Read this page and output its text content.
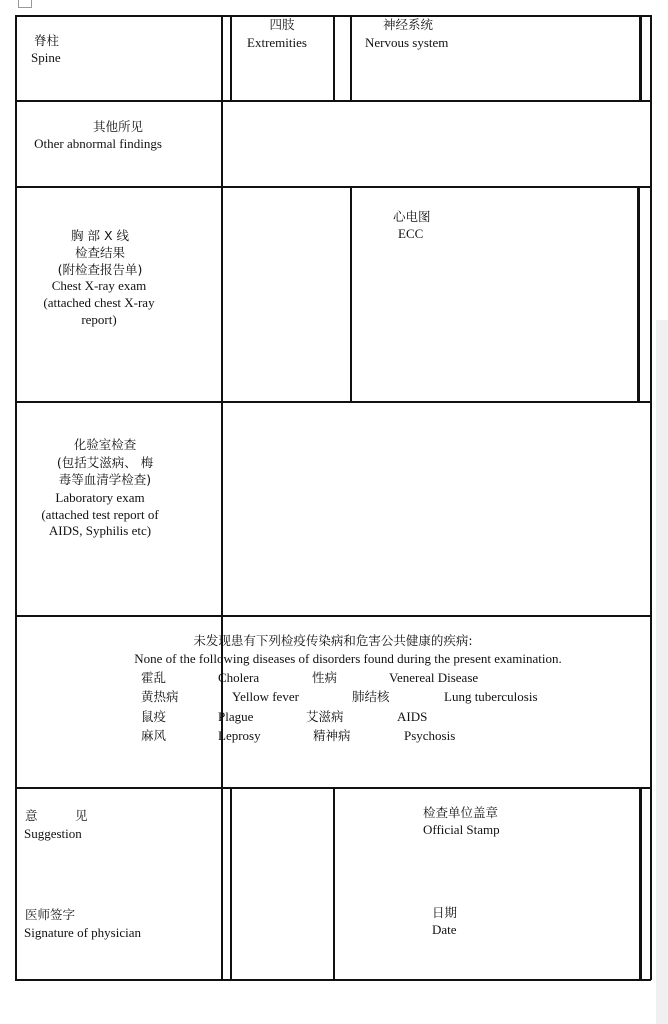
脊柱
Spine
四肢
Extremities
神经系统
Nervous system
其他所见
Other abnormal findings
胸 部 X 线
检查结果
(附检查报告单)
Chest X-ray exam
(attached chest X-ray
report)
心电图
ECC
化验室检查
(包括艾滋病、 梅
毒等血清学检查)
Laboratory exam
(attached test report of
AIDS, Syphilis etc)
未发现患有下列检疫传染病和危害公共健康的疾病:
None of the following diseases of disorders found during the present examination.
霍乱	Cholera	性病	Venereal Disease
黄热病	Yellow fever	肺结核	Lung tuberculosis
鼠疫	Plague	艾滋病	AIDS
麻风	Leprosy	精神病	Psychosis
意　　　见
Suggestion
医师签字
Signature of physician
检查单位盖章
Official Stamp
日期
Date
